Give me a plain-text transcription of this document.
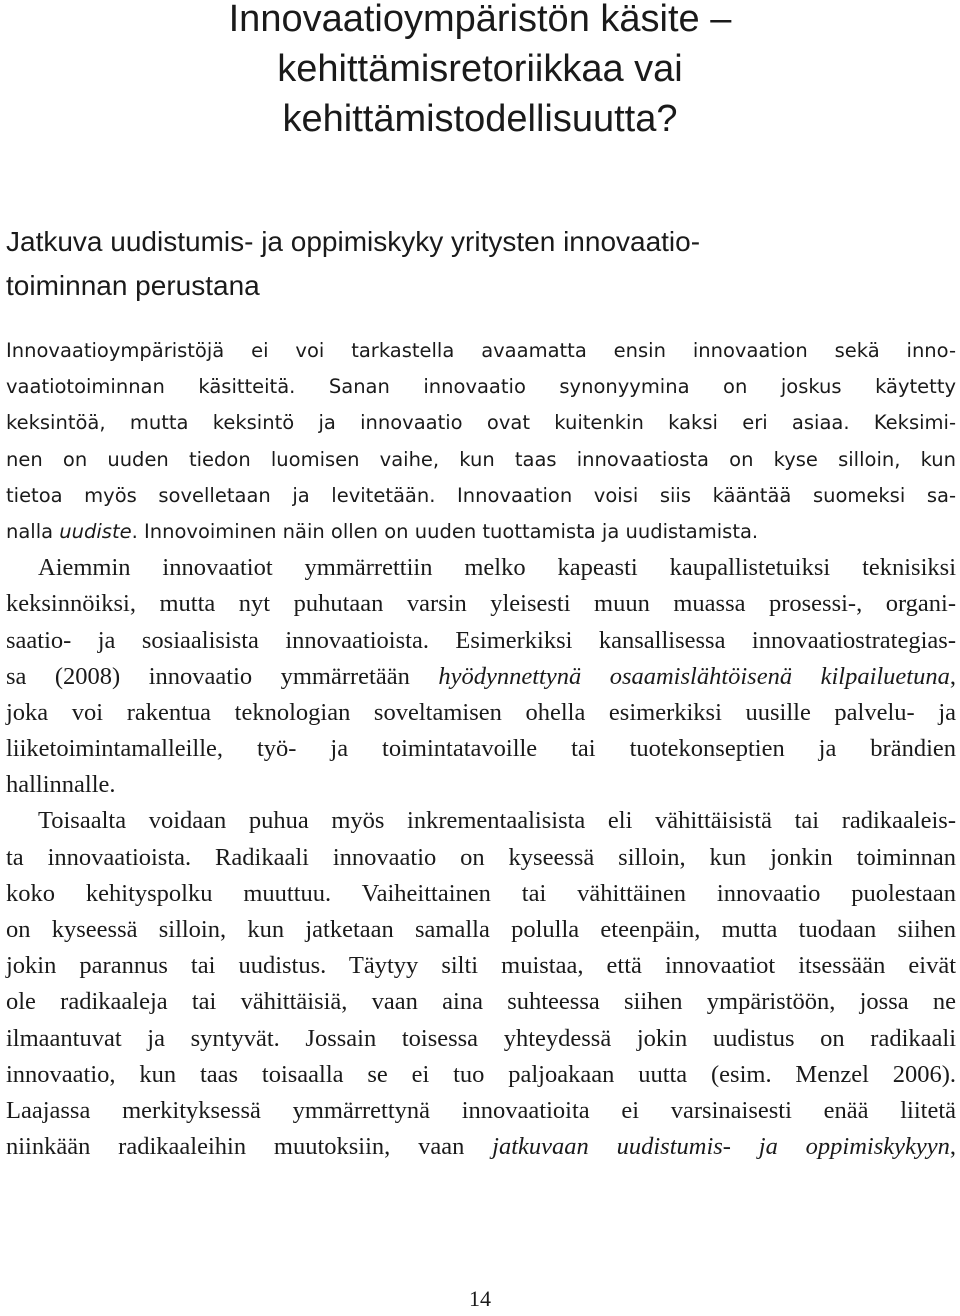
Innovaatioympäristön käsite –
kehittämisretoriikkaa vai
kehittämistodellisuutta?
Jatkuva uudistumis- ja oppimiskyky yritysten innovaatio-
toiminnan perustana
Innovaatioympäristöjä ei voi tarkastella avaamatta ensin innovaation sekä inno-
vaatiotoiminnan käsitteitä. Sanan innovaatio synonyymina on joskus käytetty
keksintöä, mutta keksintö ja innovaatio ovat kuitenkin kaksi eri asiaa. Keksimi-
nen on uuden tiedon luomisen vaihe, kun taas innovaatiosta on kyse silloin, kun
tietoa myös sovelletaan ja levitetään. Innovaation voisi siis kääntää suomeksi sa-
nalla uudiste. Innovoiminen näin ollen on uuden tuottamista ja uudistamista.
Aiemmin innovaatiot ymmärrettiin melko kapeasti kaupallistetuiksi teknisiksi
keksinnöiksi, mutta nyt puhutaan varsin yleisesti muun muassa prosessi-, organi-
saatio- ja sosiaalisista innovaatioista. Esimerkiksi kansallisessa innovaatiostrategias-
sa (2008) innovaatio ymmärretään hyödynnettynä osaamislähtöisenä kilpailuetuna,
joka voi rakentua teknologian soveltamisen ohella esimerkiksi uusille palvelu- ja
liiketoimintamalleille, työ- ja toimintatavoille tai tuotekonseptien ja brändien
hallinnalle.
Toisaalta voidaan puhua myös inkrementaalisista eli vähittäisistä tai radikaaleis-
ta innovaatioista. Radikaali innovaatio on kyseessä silloin, kun jonkin toiminnan
koko kehityspolku muuttuu. Vaiheittainen tai vähittäinen innovaatio puolestaan
on kyseessä silloin, kun jatketaan samalla polulla eteenpäin, mutta tuodaan siihen
jokin parannus tai uudistus. Täytyy silti muistaa, että innovaatiot itsessään eivät
ole radikaaleja tai vähittäisiä, vaan aina suhteessa siihen ympäristöön, jossa ne
ilmaantuvat ja syntyvät. Jossain toisessa yhteydessä jokin uudistus on radikaali
innovaatio, kun taas toisaalla se ei tuo paljoakaan uutta (esim. Menzel 2006).
Laajassa merkityksessä ymmärrettynä innovaatioita ei varsinaisesti enää liitetä
niinkään radikaaleihin muutoksiin, vaan jatkuvaan uudistumis- ja oppimiskykyyn,
14
